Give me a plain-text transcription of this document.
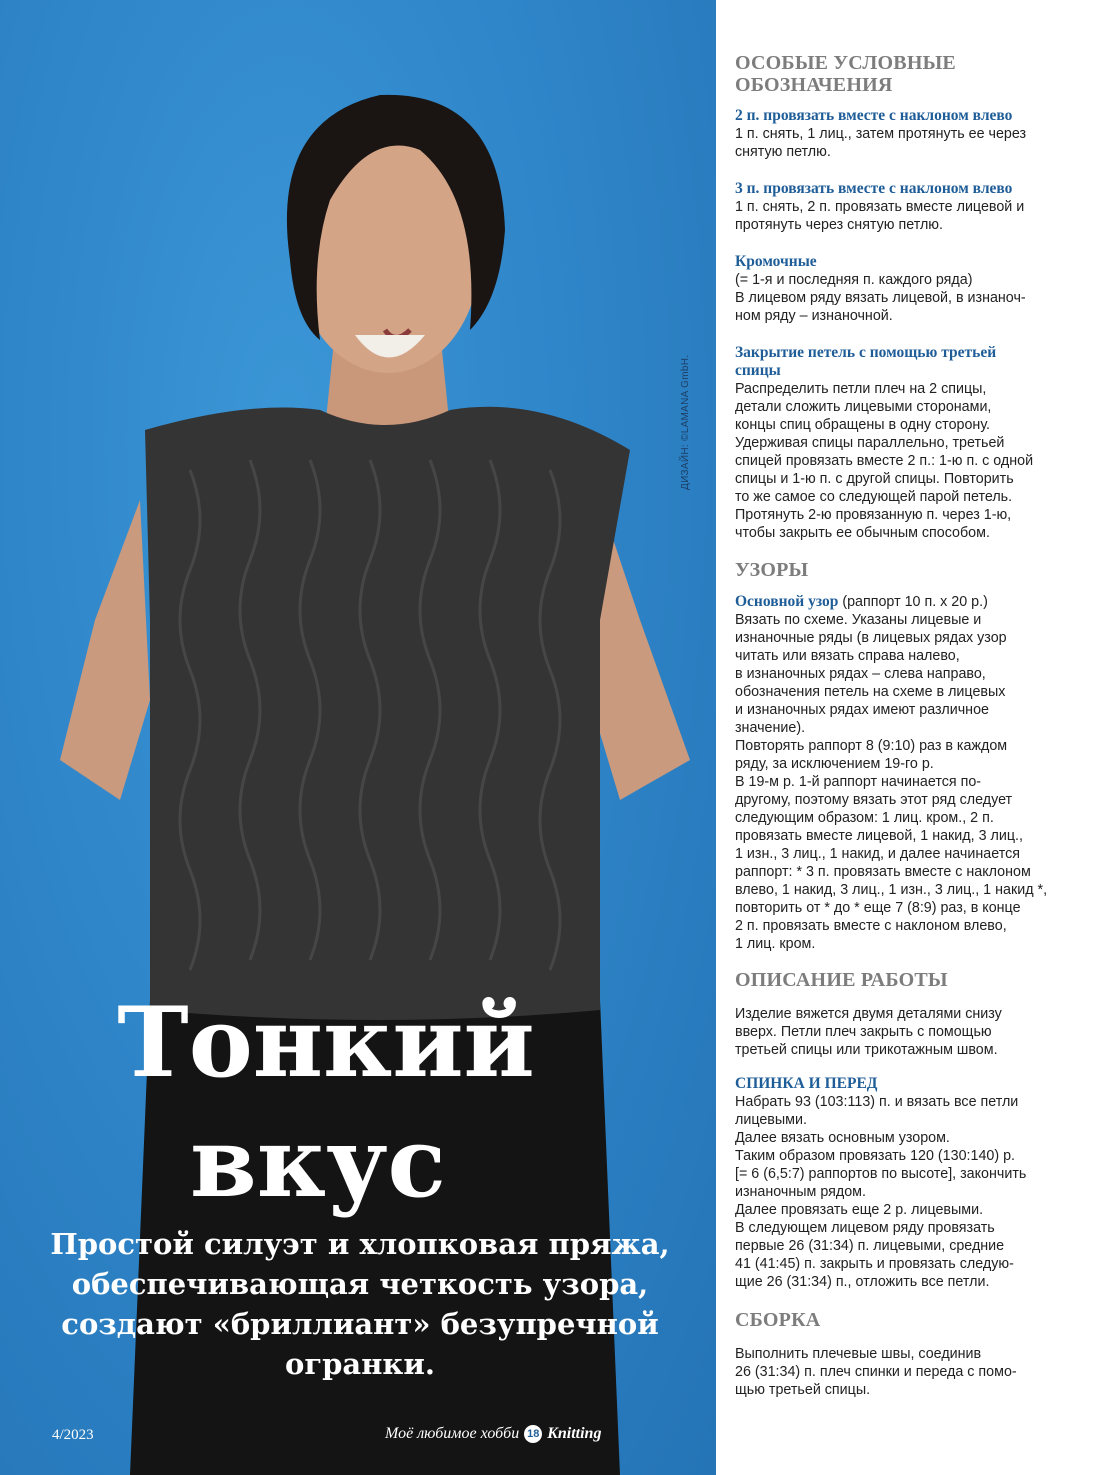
ДИЗАЙН: ©LAMANA GmbH.
Тонкий
вкус
Простой силуэт и хлопковая пряжа,
обеспечивающая четкость узора,
создают «бриллиант» безупречной
огранки.
4/2023	Моё любимое хобби 18 Knitting
ОСОБЫЕ УСЛОВНЫЕ
ОБОЗНАЧЕНИЯ
2 п. провязать вместе с наклоном влево

1 п. снять, 1 лиц., затем протянуть ее через

снятую петлю.

3 п. провязать вместе с наклоном влево

1 п. снять, 2 п. провязать вместе лицевой и

протянуть через снятую петлю.

Кромочные

(= 1-я и последняя п. каждого ряда)

В лицевом ряду вязать лицевой, в изнаноч-

ном ряду – изнаночной.

Закрытие петель с помощью третьей
спицы

Распределить петли плеч на 2 спицы,

детали сложить лицевыми сторонами,

концы спиц обращены в одну сторону.

Удерживая спицы параллельно, третьей

спицей провязать вместе 2 п.: 1-ю п. с одной

спицы и 1-ю п. с другой спицы. Повторить

то же самое со следующей парой петель.

Протянуть 2-ю провязанную п. через 1-ю,

чтобы закрыть ее обычным способом.

УЗОРЫ

Основной узор (раппорт 10 п. х 20 р.)

Вязать по схеме. Указаны лицевые и

изнаночные ряды (в лицевых рядах узор

читать или вязать справа налево,

в изнаночных рядах – слева направо,

обозначения петель на схеме в лицевых

и изнаночных рядах имеют различное

значение).

Повторять раппорт 8 (9:10) раз в каждом

ряду, за исключением 19-го р.

В 19-м р. 1-й раппорт начинается по-

другому, поэтому вязать этот ряд следует

следующим образом: 1 лиц. кром., 2 п.

провязать вместе лицевой, 1 накид, 3 лиц.,

1 изн., 3 лиц., 1 накид, и далее начинается

раппорт: * 3 п. провязать вместе с наклоном

влево, 1 накид, 3 лиц., 1 изн., 3 лиц., 1 накид *,

повторить от * до * еще 7 (8:9) раз, в конце

2 п. провязать вместе с наклоном влево,

1 лиц. кром.

ОПИСАНИЕ РАБОТЫ

Изделие вяжется двумя деталями снизу

вверх. Петли плеч закрыть с помощью

третьей спицы или трикотажным швом.

СПИНКА И ПЕРЕД

Набрать 93 (103:113) п. и вязать все петли

лицевыми.

Далее вязать основным узором.

Таким образом провязать 120 (130:140) р.

[= 6 (6,5:7) раппортов по высоте], закончить

изнаночным рядом.

Далее провязать еще 2 р. лицевыми.

В следующем лицевом ряду провязать

первые 26 (31:34) п. лицевыми, средние

41 (41:45) п. закрыть и провязать следую-

щие 26 (31:34) п., отложить все петли.

СБОРКА

Выполнить плечевые швы, соединив

26 (31:34) п. плеч спинки и переда с помо-

щью третьей спицы.
